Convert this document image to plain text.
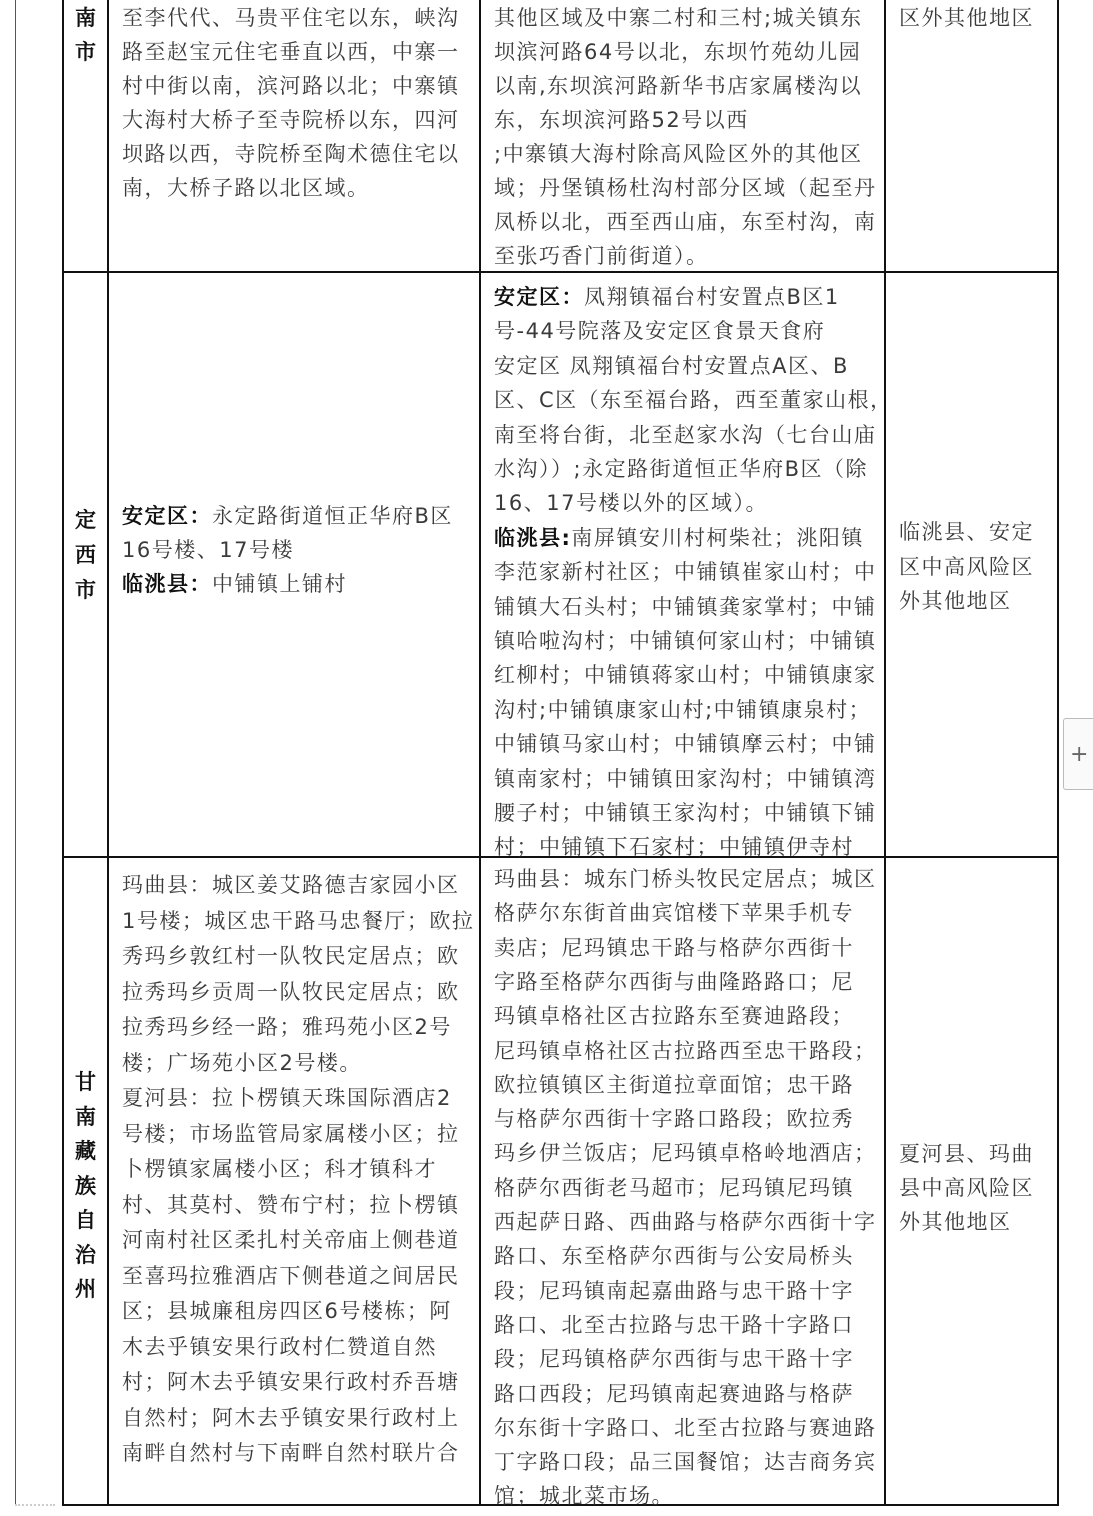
南
市
至李代代、马贵平住宅以东，峡沟
路至赵宝元住宅垂直以西，中寨一
村中街以南，滨河路以北；中寨镇
大海村大桥子至寺院桥以东，四河
坝路以西，寺院桥至陶术德住宅以
南，大桥子路以北区域。
其他区域及中寨二村和三村;城关镇东
坝滨河路64号以北，东坝竹苑幼儿园
以南,东坝滨河路新华书店家属楼沟以
东，东坝滨河路52号以西
;中寨镇大海村除高风险区外的其他区
域；丹堡镇杨杜沟村部分区域（起至丹
凤桥以北，西至西山庙，东至村沟，南
至张巧香门前街道）。
区外其他地区
定
西
市
安定区：永定路街道恒正华府B区
16号楼、17号楼
临洮县：中铺镇上铺村
安定区：凤翔镇福台村安置点B区1
号-44号院落及安定区食景天食府
安定区 凤翔镇福台村安置点A区、B
区、C区（东至福台路，西至董家山根，
南至将台街，北至赵家水沟（七台山庙
水沟））;永定路街道恒正华府B区（除
16、17号楼以外的区域）。
临洮县:南屏镇安川村柯柴社；洮阳镇
李范家新村社区；中铺镇崔家山村；中
铺镇大石头村；中铺镇龚家掌村；中铺
镇哈啦沟村；中铺镇何家山村；中铺镇
红柳村；中铺镇蒋家山村；中铺镇康家
沟村;中铺镇康家山村;中铺镇康泉村；
中铺镇马家山村；中铺镇摩云村；中铺
镇南家村；中铺镇田家沟村；中铺镇湾
腰子村；中铺镇王家沟村；中铺镇下铺
村；中铺镇下石家村；中铺镇伊寺村
临洮县、安定
区中高风险区
外其他地区
甘
南
藏
族
自
治
州
玛曲县：城区姜艾路德吉家园小区
1号楼；城区忠干路马忠餐厅；欧拉
秀玛乡敦红村一队牧民定居点；欧
拉秀玛乡贡周一队牧民定居点；欧
拉秀玛乡经一路；雅玛苑小区2号
楼；广场苑小区2号楼。
夏河县：拉卜楞镇天珠国际酒店2
号楼；市场监管局家属楼小区；拉
卜楞镇家属楼小区；科才镇科才
村、其莫村、赞布宁村；拉卜楞镇
河南村社区柔扎村关帝庙上侧巷道
至喜玛拉雅酒店下侧巷道之间居民
区；县城廉租房四区6号楼栋；阿
木去乎镇安果行政村仁赞道自然
村；阿木去乎镇安果行政村乔吾塘
自然村；阿木去乎镇安果行政村上
南畔自然村与下南畔自然村联片合
玛曲县：城东门桥头牧民定居点；城区
格萨尔东街首曲宾馆楼下苹果手机专
卖店；尼玛镇忠干路与格萨尔西街十
字路至格萨尔西街与曲隆路路口；尼
玛镇卓格社区古拉路东至赛迪路段；
尼玛镇卓格社区古拉路西至忠干路段；
欧拉镇镇区主街道拉章面馆；忠干路
与格萨尔西街十字路口路段；欧拉秀
玛乡伊兰饭店；尼玛镇卓格岭地酒店；
格萨尔西街老马超市；尼玛镇尼玛镇
西起萨日路、西曲路与格萨尔西街十字
路口、东至格萨尔西街与公安局桥头
段；尼玛镇南起嘉曲路与忠干路十字
路口、北至古拉路与忠干路十字路口
段；尼玛镇格萨尔西街与忠干路十字
路口西段；尼玛镇南起赛迪路与格萨
尔东街十字路口、北至古拉路与赛迪路
丁字路口段；品三国餐馆；达吉商务宾
馆；城北菜市场。
夏河县、玛曲
县中高风险区
外其他地区
+
